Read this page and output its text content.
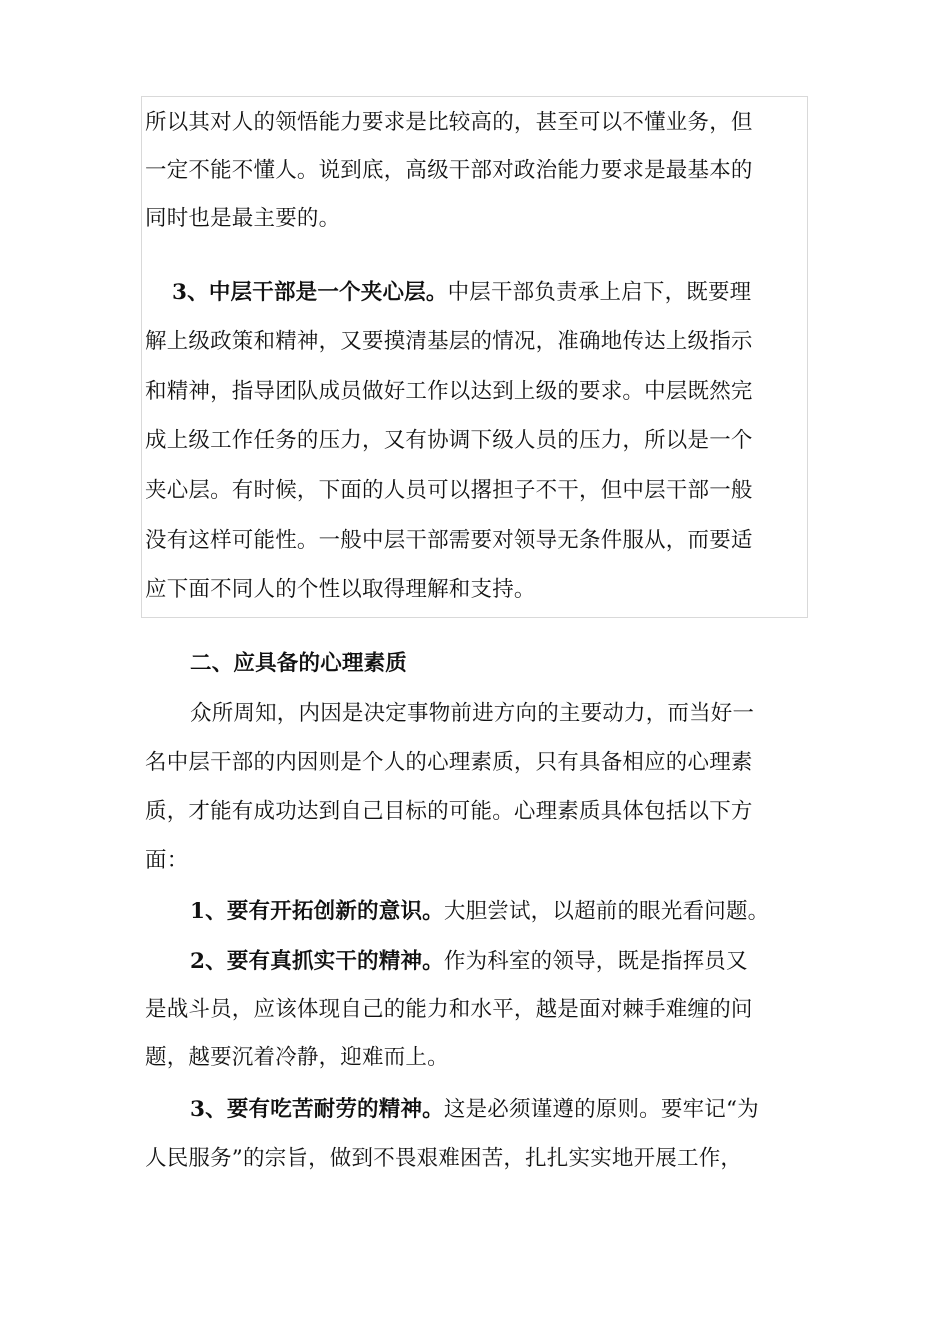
所以其对人的领悟能力要求是比较高的，甚至可以不懂业务，但
一定不能不懂人。说到底，高级干部对政治能力要求是最基本的
同时也是最主要的。
3、中层干部是一个夹心层。中层干部负责承上启下，既要理
解上级政策和精神，又要摸清基层的情况，准确地传达上级指示
和精神，指导团队成员做好工作以达到上级的要求。中层既然完
成上级工作任务的压力，又有协调下级人员的压力，所以是一个
夹心层。有时候，下面的人员可以撂担子不干，但中层干部一般
没有这样可能性。一般中层干部需要对领导无条件服从，而要适
应下面不同人的个性以取得理解和支持。
二、应具备的心理素质
众所周知，内因是决定事物前进方向的主要动力，而当好一
名中层干部的内因则是个人的心理素质，只有具备相应的心理素
质，才能有成功达到自己目标的可能。心理素质具体包括以下方
面：
1、要有开拓创新的意识。大胆尝试，以超前的眼光看问题。
2、要有真抓实干的精神。作为科室的领导，既是指挥员又
是战斗员，应该体现自己的能力和水平，越是面对棘手难缠的问
题，越要沉着冷静，迎难而上。
3、要有吃苦耐劳的精神。这是必须谨遵的原则。要牢记“为
人民服务”的宗旨，做到不畏艰难困苦，扎扎实实地开展工作，
